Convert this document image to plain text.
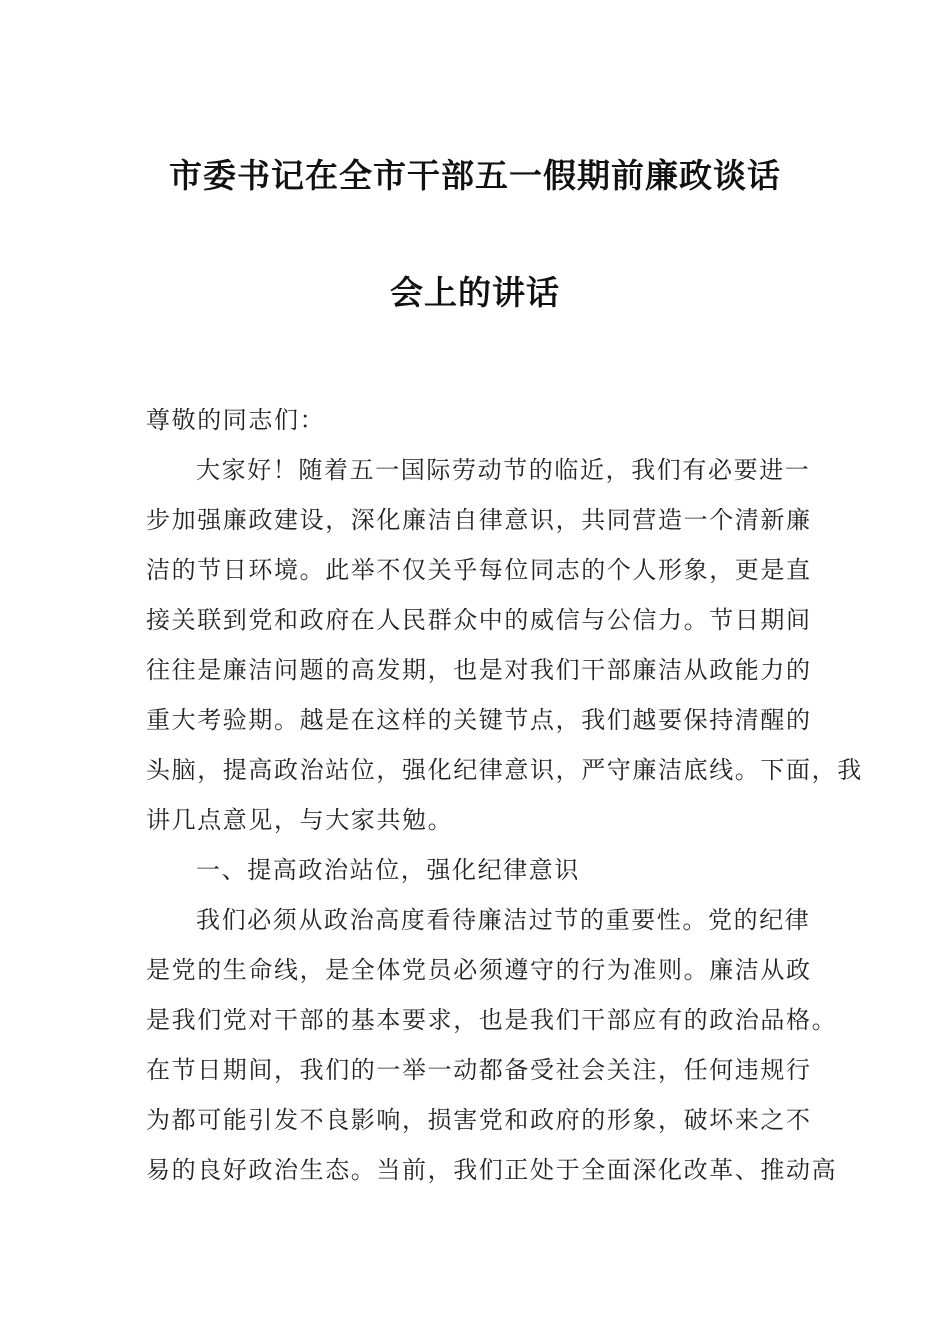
市委书记在全市干部五一假期前廉政谈话
会上的讲话
尊敬的同志们：
大家好！随着五一国际劳动节的临近，我们有必要进一
步加强廉政建设，深化廉洁自律意识，共同营造一个清新廉
洁的节日环境。此举不仅关乎每位同志的个人形象，更是直
接关联到党和政府在人民群众中的威信与公信力。节日期间
往往是廉洁问题的高发期，也是对我们干部廉洁从政能力的
重大考验期。越是在这样的关键节点，我们越要保持清醒的
头脑，提高政治站位，强化纪律意识，严守廉洁底线。下面，我
讲几点意见，与大家共勉。
一、提高政治站位，强化纪律意识
我们必须从政治高度看待廉洁过节的重要性。党的纪律
是党的生命线，是全体党员必须遵守的行为准则。廉洁从政
是我们党对干部的基本要求，也是我们干部应有的政治品格。
在节日期间，我们的一举一动都备受社会关注，任何违规行
为都可能引发不良影响，损害党和政府的形象，破坏来之不
易的良好政治生态。当前，我们正处于全面深化改革、推动高
